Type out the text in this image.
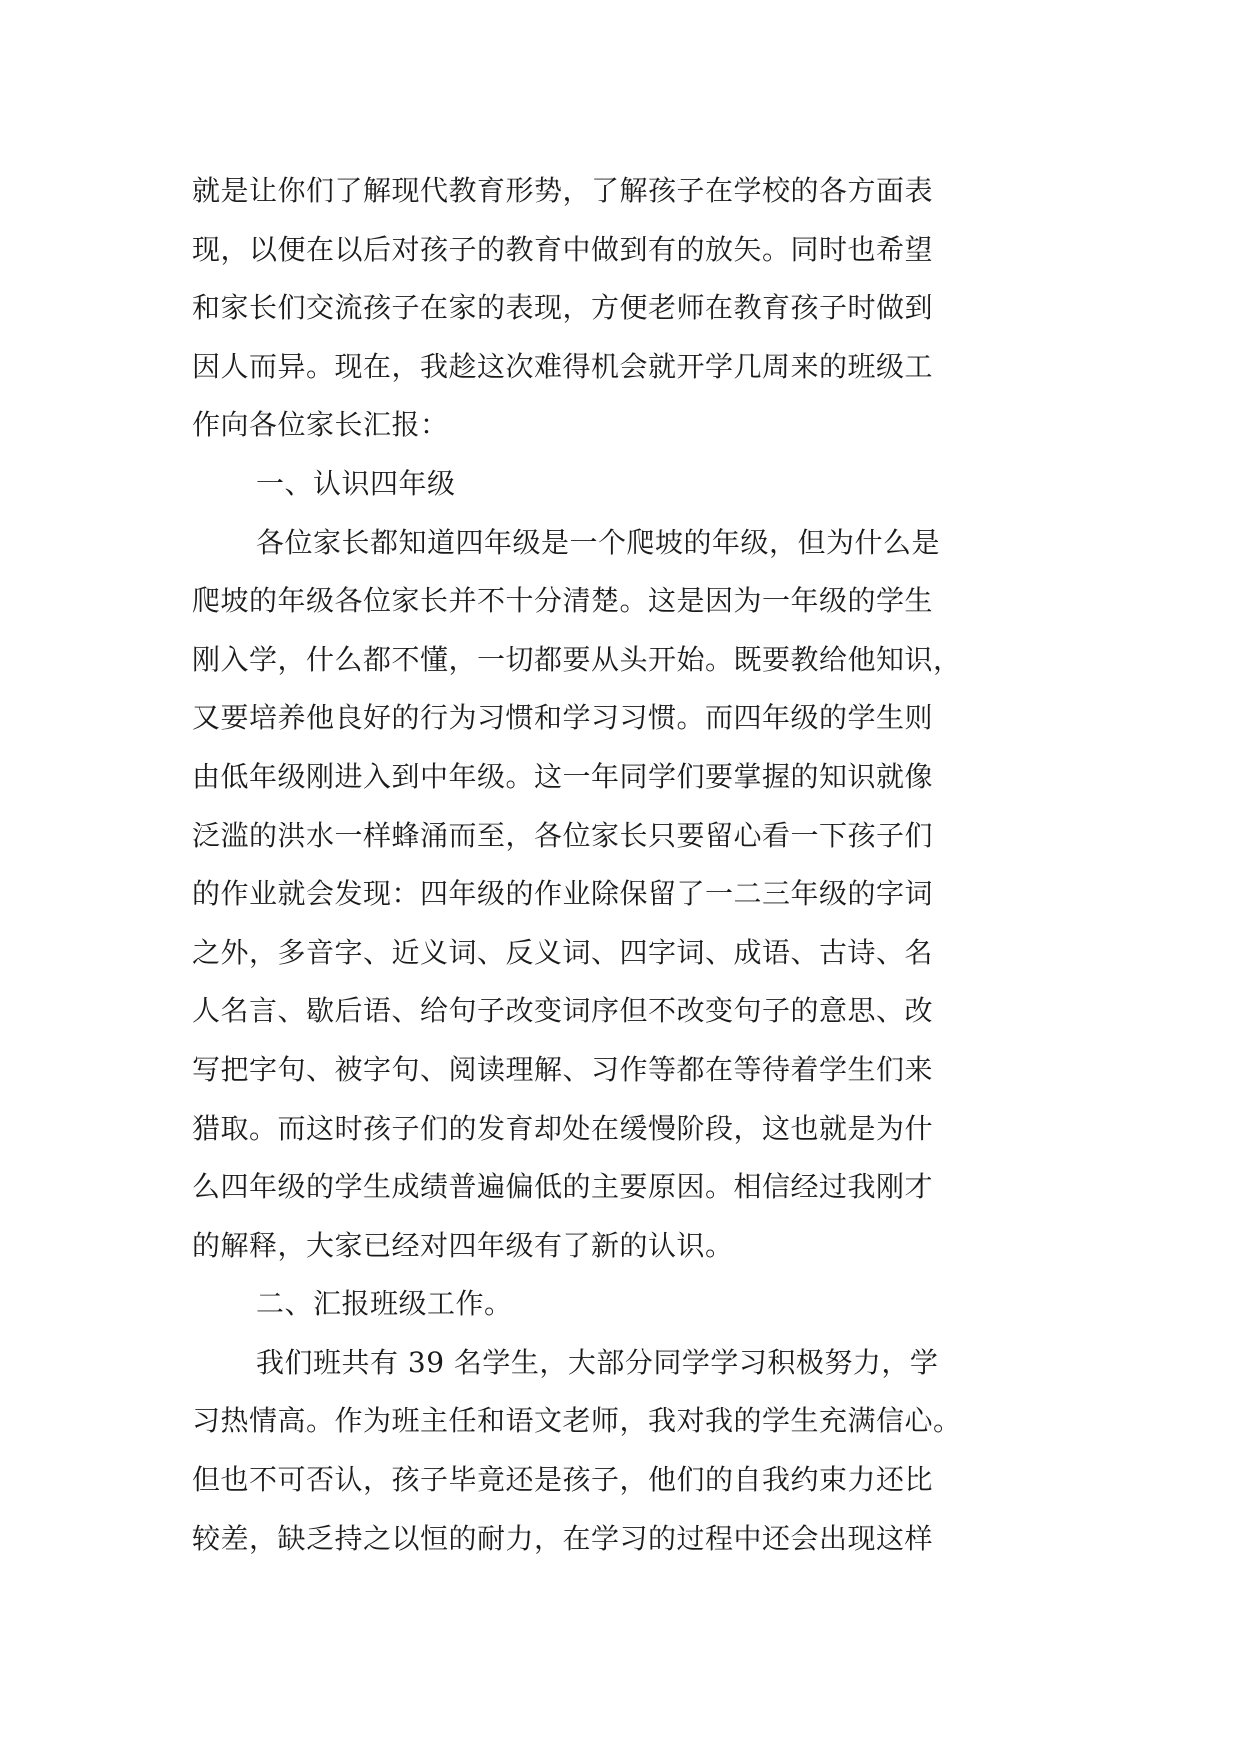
就是让你们了解现代教育形势，了解孩子在学校的各方面表
现，以便在以后对孩子的教育中做到有的放矢。同时也希望
和家长们交流孩子在家的表现，方便老师在教育孩子时做到
因人而异。现在，我趁这次难得机会就开学几周来的班级工
作向各位家长汇报：
一、认识四年级
各位家长都知道四年级是一个爬坡的年级，但为什么是
爬坡的年级各位家长并不十分清楚。这是因为一年级的学生
刚入学，什么都不懂，一切都要从头开始。既要教给他知识，
又要培养他良好的行为习惯和学习习惯。而四年级的学生则
由低年级刚进入到中年级。这一年同学们要掌握的知识就像
泛滥的洪水一样蜂涌而至，各位家长只要留心看一下孩子们
的作业就会发现：四年级的作业除保留了一二三年级的字词
之外，多音字、近义词、反义词、四字词、成语、古诗、名
人名言、歇后语、给句子改变词序但不改变句子的意思、改
写把字句、被字句、阅读理解、习作等都在等待着学生们来
猎取。而这时孩子们的发育却处在缓慢阶段，这也就是为什
么四年级的学生成绩普遍偏低的主要原因。相信经过我刚才
的解释，大家已经对四年级有了新的认识。
二、汇报班级工作。
我们班共有 39 名学生，大部分同学学习积极努力，学
习热情高。作为班主任和语文老师，我对我的学生充满信心。
但也不可否认，孩子毕竟还是孩子，他们的自我约束力还比
较差，缺乏持之以恒的耐力，在学习的过程中还会出现这样
